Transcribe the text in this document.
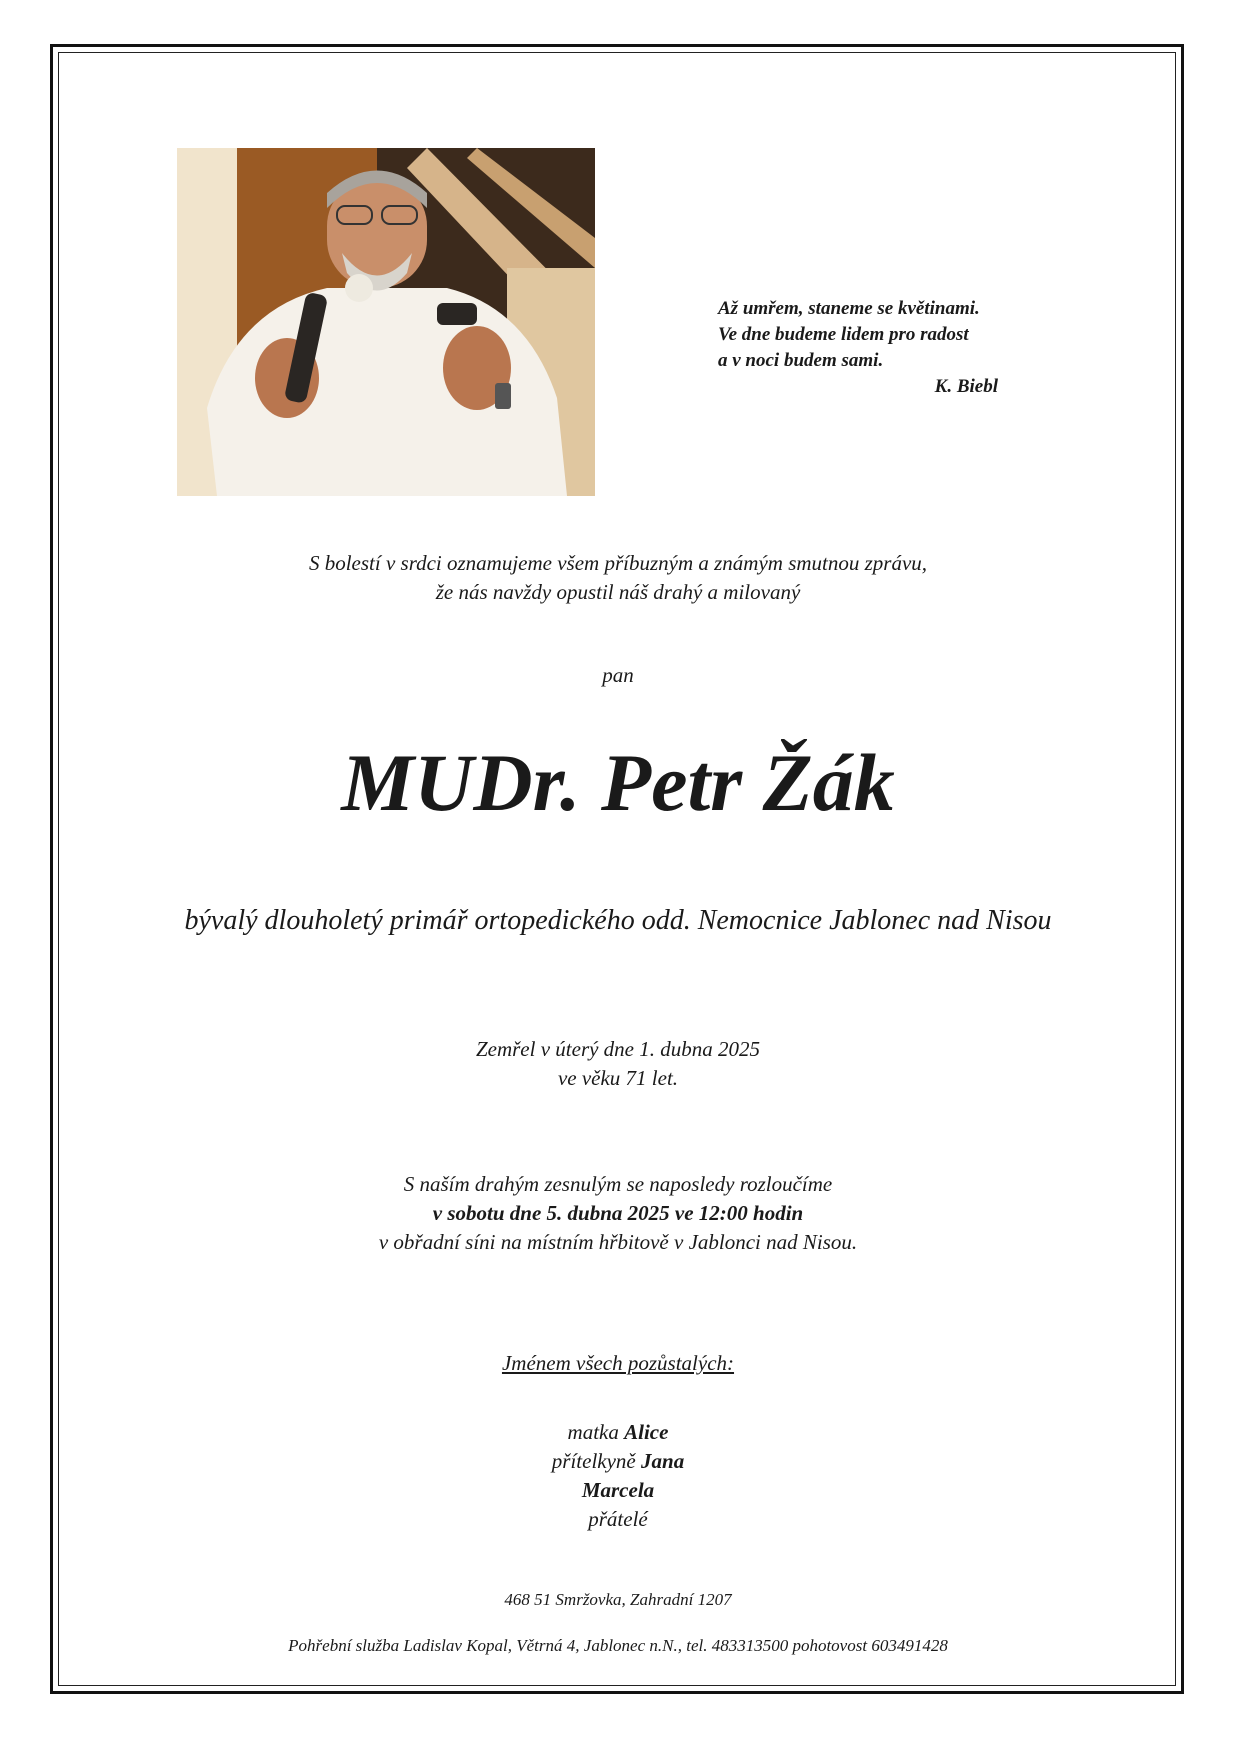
Až umřem, staneme se květinami.
Ve dne budeme lidem pro radost
a v noci budem sami.
K. Biebl
S bolestí v srdci oznamujeme všem příbuzným a známým smutnou zprávu,
že nás navždy opustil náš drahý a milovaný
pan
MUDr. Petr Žák
bývalý dlouholetý primář ortopedického odd. Nemocnice Jablonec nad Nisou
Zemřel v úterý dne 1. dubna 2025
ve věku 71 let.
S naším drahým zesnulým se naposledy rozloučíme
v sobotu dne 5. dubna 2025 ve 12:00 hodin
v obřadní síni na místním hřbitově v Jablonci nad Nisou.
Jménem všech pozůstalých:
matka Alice
přítelkyně Jana
Marcela
přátelé
468 51 Smržovka, Zahradní 1207
Pohřební služba Ladislav Kopal, Větrná 4, Jablonec n.N., tel. 483313500 pohotovost 603491428
